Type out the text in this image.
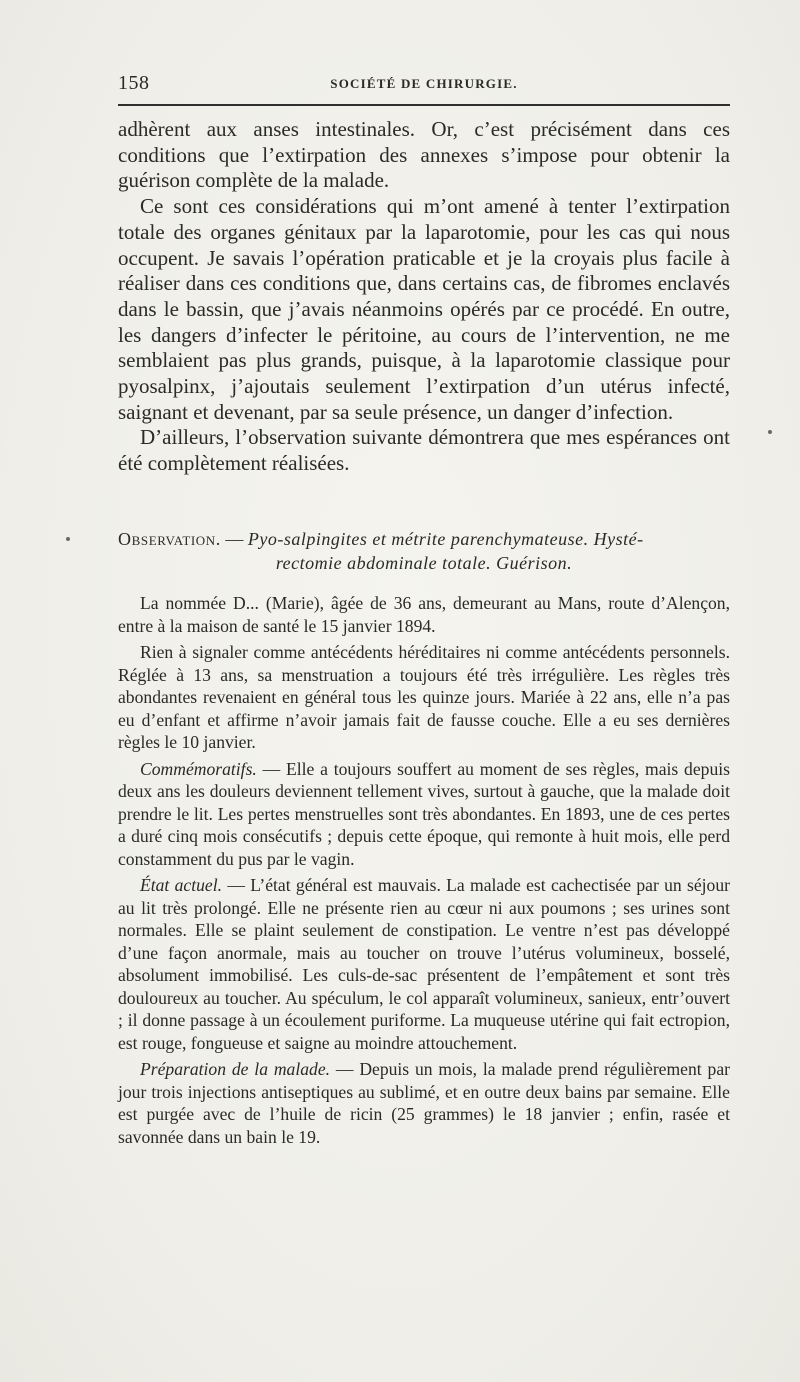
158	SOCIÉTÉ DE CHIRURGIE.

adhèrent aux anses intestinales. Or, c’est précisément dans ces conditions que l’extirpation des annexes s’impose pour obtenir la guérison complète de la malade.

Ce sont ces considérations qui m’ont amené à tenter l’extirpation totale des organes génitaux par la laparotomie, pour les cas qui nous occupent. Je savais l’opération praticable et je la croyais plus facile à réaliser dans ces conditions que, dans certains cas, de fibromes enclavés dans le bassin, que j’avais néanmoins opérés par ce procédé. En outre, les dangers d’infecter le péritoine, au cours de l’intervention, ne me semblaient pas plus grands, puisque, à la laparotomie classique pour pyosalpinx, j’ajoutais seulement l’extirpation d’un utérus infecté, saignant et devenant, par sa seule présence, un danger d’infection.

D’ailleurs, l’observation suivante démontrera que mes espérances ont été complètement réalisées.

Observation. — Pyo-salpingites et métrite parenchymateuse. Hysté-
rectomie abdominale totale. Guérison.

La nommée D... (Marie), âgée de 36 ans, demeurant au Mans, route d’Alençon, entre à la maison de santé le 15 janvier 1894.

Rien à signaler comme antécédents héréditaires ni comme antécédents personnels. Réglée à 13 ans, sa menstruation a toujours été très irrégulière. Les règles très abondantes revenaient en général tous les quinze jours. Mariée à 22 ans, elle n’a pas eu d’enfant et affirme n’avoir jamais fait de fausse couche. Elle a eu ses dernières règles le 10 janvier.

Commémoratifs. — Elle a toujours souffert au moment de ses règles, mais depuis deux ans les douleurs deviennent tellement vives, surtout à gauche, que la malade doit prendre le lit. Les pertes menstruelles sont très abondantes. En 1893, une de ces pertes a duré cinq mois consécutifs ; depuis cette époque, qui remonte à huit mois, elle perd constamment du pus par le vagin.

État actuel. — L’état général est mauvais. La malade est cachectisée par un séjour au lit très prolongé. Elle ne présente rien au cœur ni aux poumons ; ses urines sont normales. Elle se plaint seulement de constipation. Le ventre n’est pas développé d’une façon anormale, mais au toucher on trouve l’utérus volumineux, bosselé, absolument immobilisé. Les culs-de-sac présentent de l’empâtement et sont très douloureux au toucher. Au spéculum, le col apparaît volumineux, sanieux, entr’ouvert ; il donne passage à un écoulement puriforme. La muqueuse utérine qui fait ectropion, est rouge, fongueuse et saigne au moindre attouchement.

Préparation de la malade. — Depuis un mois, la malade prend régulièrement par jour trois injections antiseptiques au sublimé, et en outre deux bains par semaine. Elle est purgée avec de l’huile de ricin (25 grammes) le 18 janvier ; enfin, rasée et savonnée dans un bain le 19.
